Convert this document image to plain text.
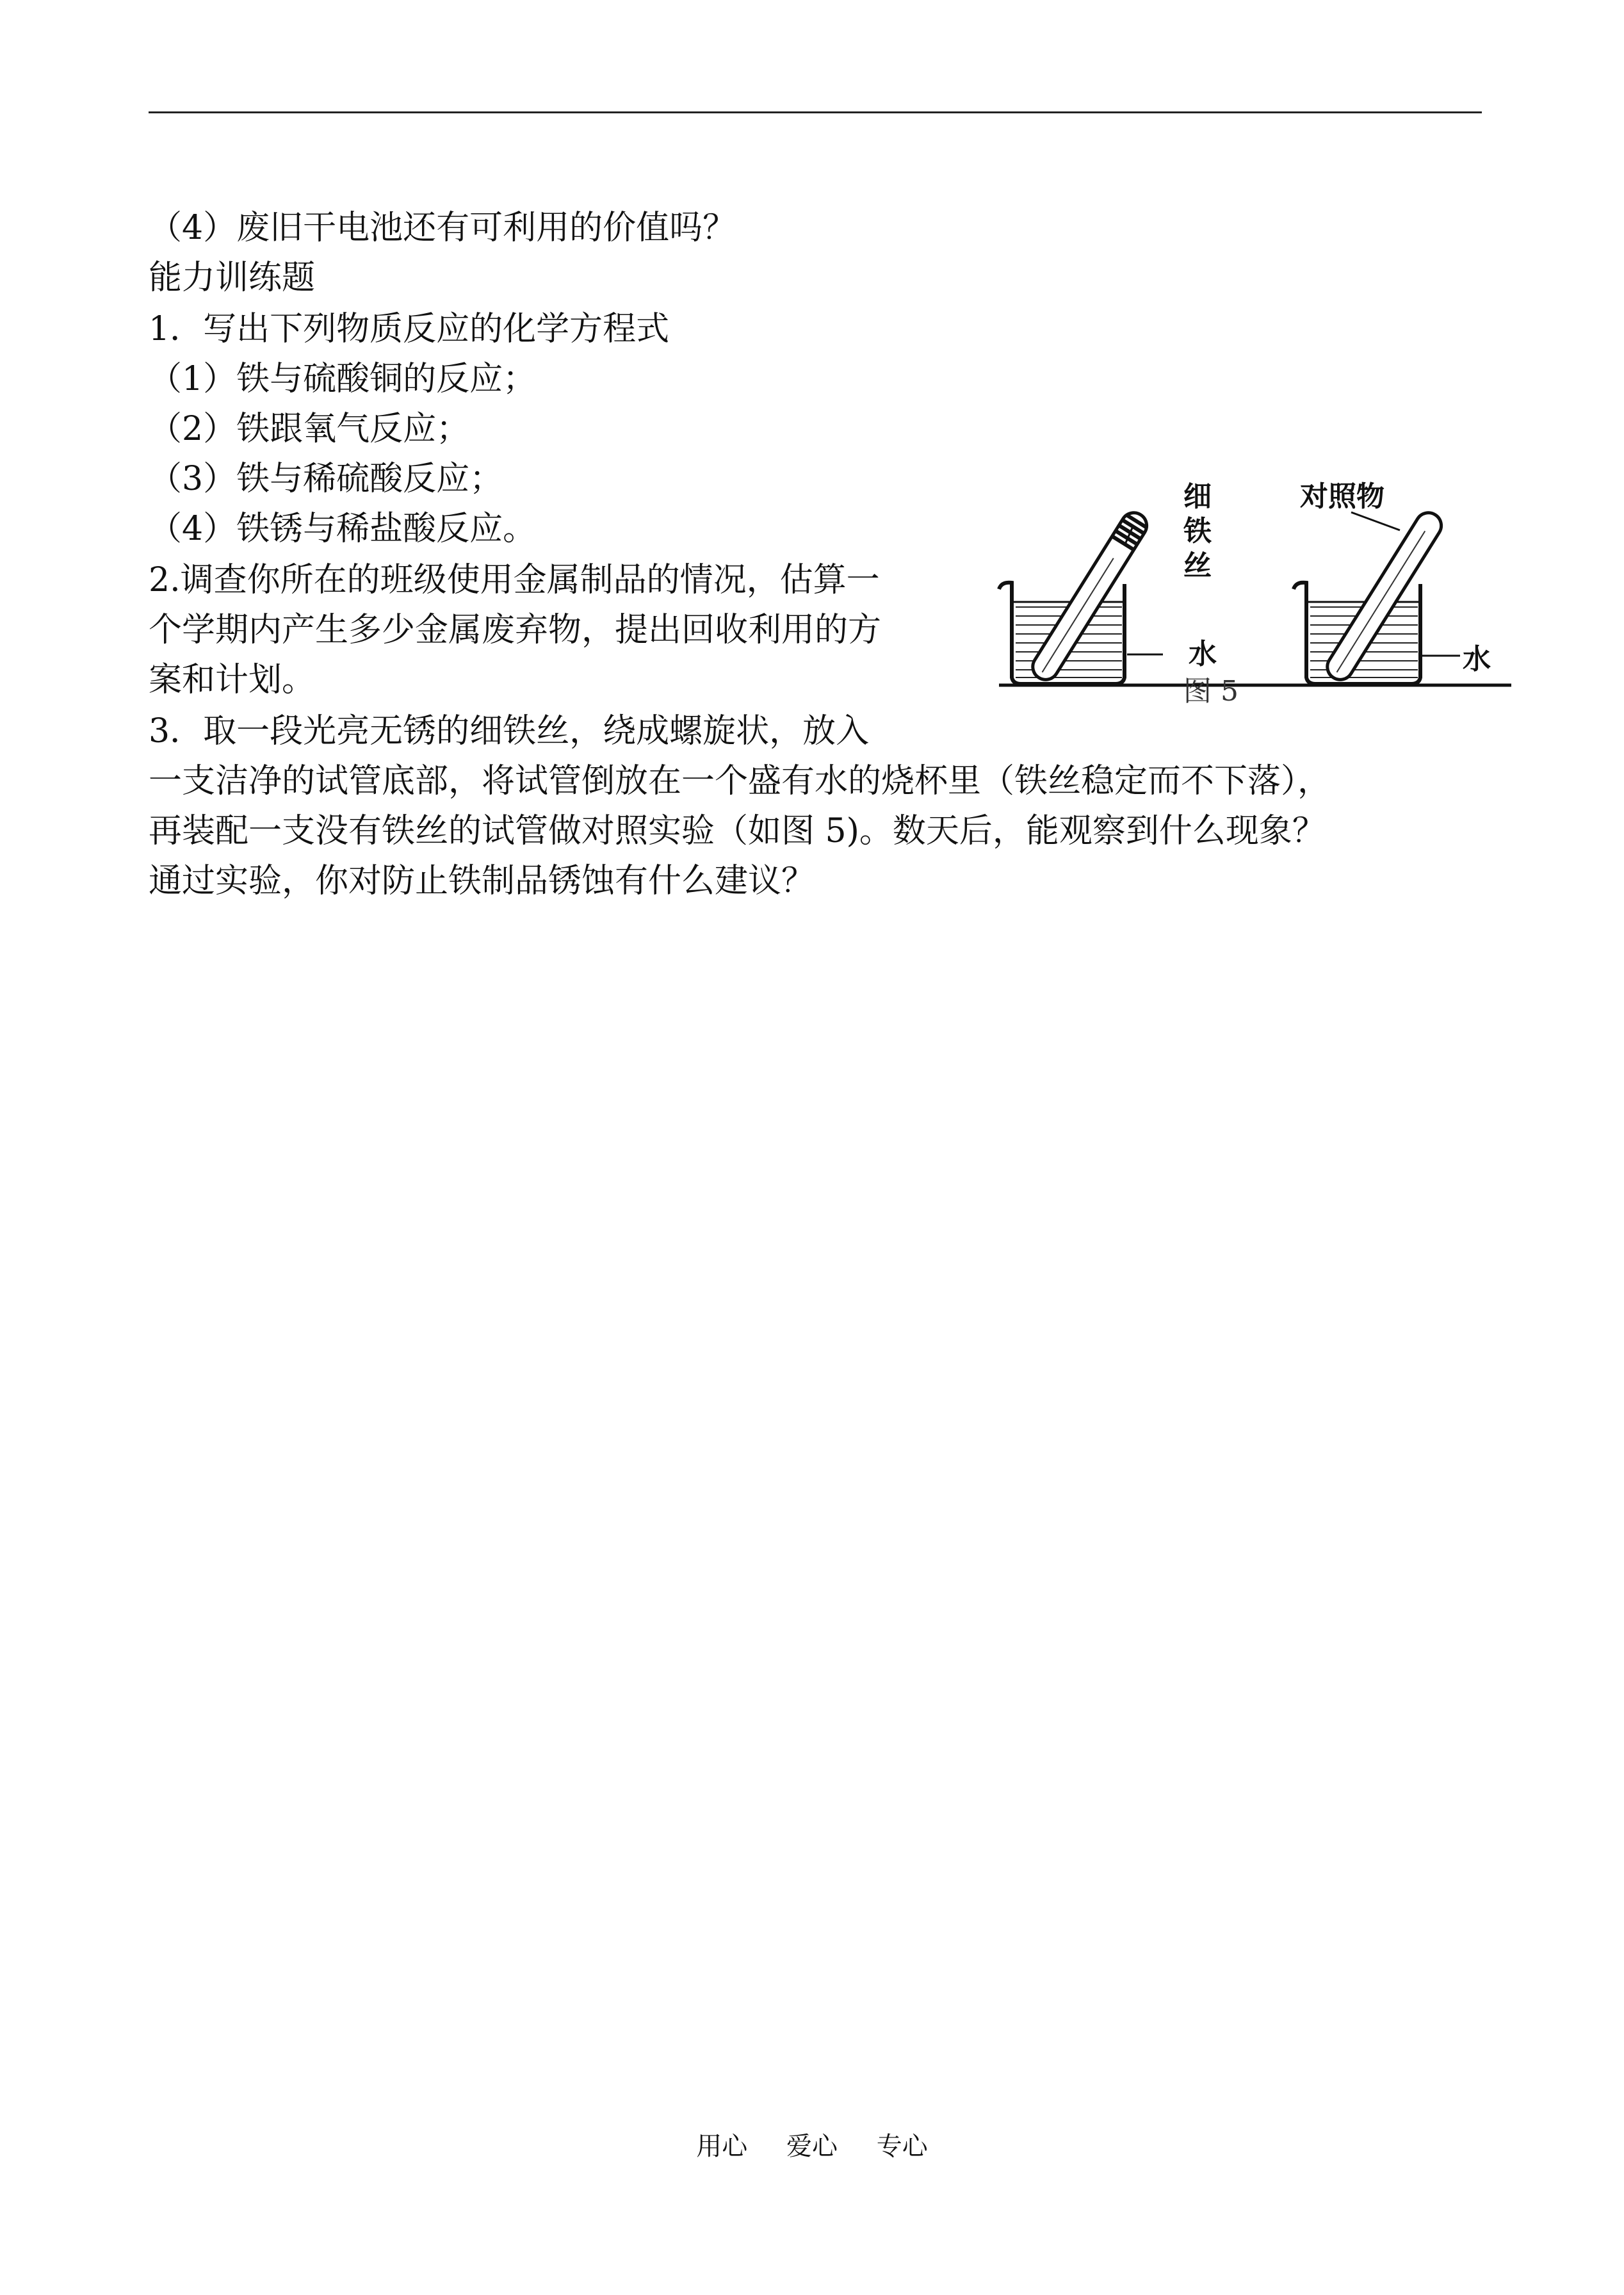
（4）废旧干电池还有可利用的价值吗？
能力训练题
1．写出下列物质反应的化学方程式
（1）铁与硫酸铜的反应；
（2）铁跟氧气反应；
（3）铁与稀硫酸反应；
（4）铁锈与稀盐酸反应。
2.调查你所在的班级使用金属制品的情况，估算一
个学期内产生多少金属废弃物，提出回收利用的方
案和计划。
3．取一段光亮无锈的细铁丝，绕成螺旋状，放入
一支洁净的试管底部，将试管倒放在一个盛有水的烧杯里（铁丝稳定而不下落），
再装配一支没有铁丝的试管做对照实验（如图 5)。数天后，能观察到什么现象？
通过实验，你对防止铁制品锈蚀有什么建议？
细
铁
丝
对照物
水	水
图 5
用心 爱心 专心
